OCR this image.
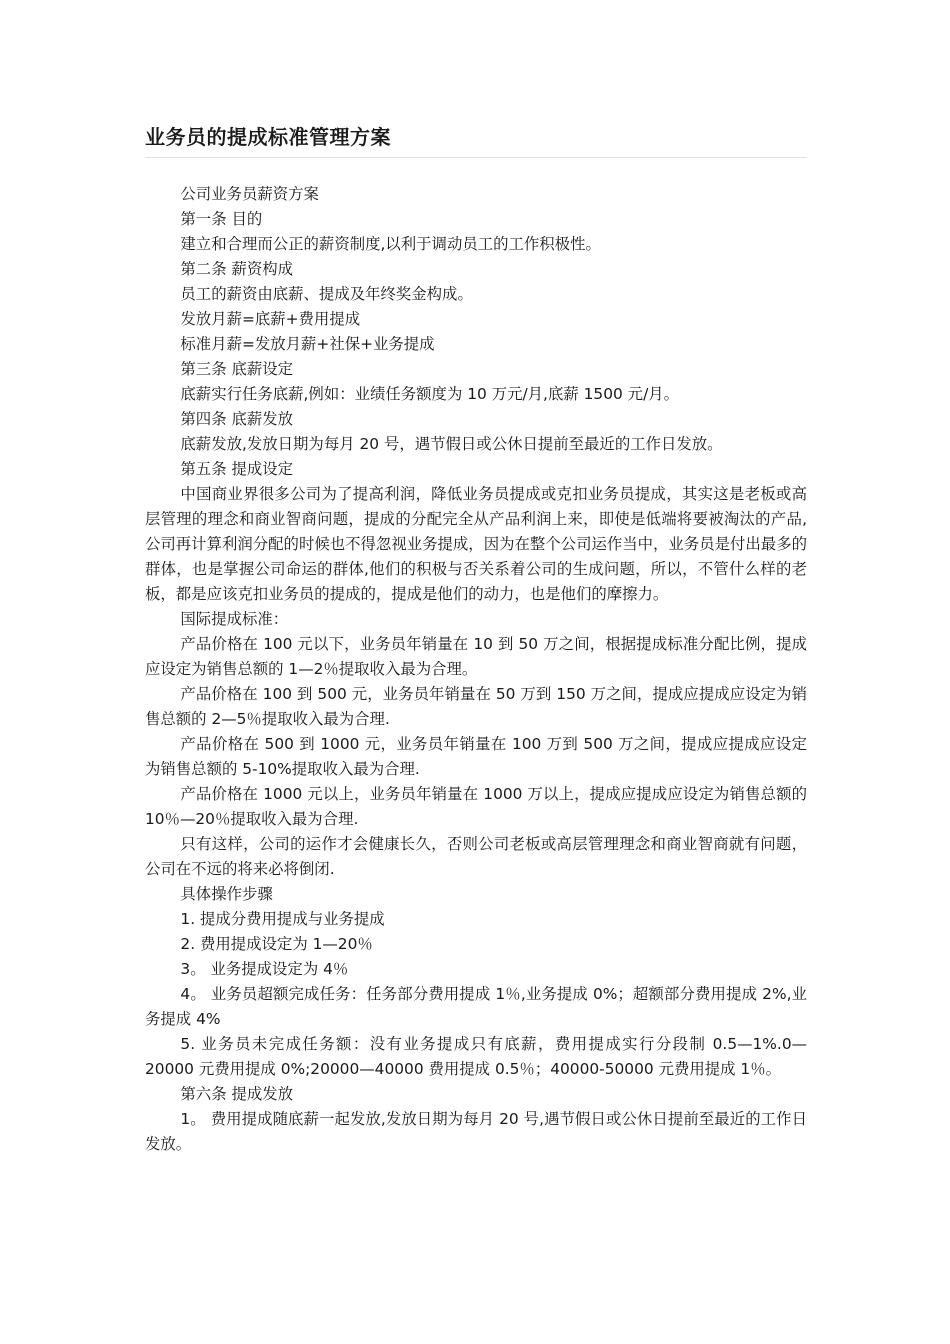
业务员的提成标准管理方案

公司业务员薪资方案

第一条 目的

建立和合理而公正的薪资制度,以利于调动员工的工作积极性。

第二条 薪资构成

员工的薪资由底薪、提成及年终奖金构成。

发放月薪=底薪+费用提成

标准月薪=发放月薪+社保+业务提成

第三条 底薪设定

底薪实行任务底薪,例如：业绩任务额度为 10 万元/月,底薪 1500 元/月。

第四条 底薪发放

底薪发放,发放日期为每月 20 号，遇节假日或公休日提前至最近的工作日发放。

第五条 提成设定

中国商业界很多公司为了提高利润，降低业务员提成或克扣业务员提成，其实这是老板或高层管理的理念和商业智商问题，提成的分配完全从产品利润上来，即使是低端将要被淘汰的产品,公司再计算利润分配的时候也不得忽视业务提成，因为在整个公司运作当中，业务员是付出最多的群体，也是掌握公司命运的群体,他们的积极与否关系着公司的生成问题，所以，不管什么样的老板，都是应该克扣业务员的提成的，提成是他们的动力，也是他们的摩擦力。

国际提成标准：

产品价格在 100 元以下，业务员年销量在 10 到 50 万之间，根据提成标准分配比例，提成应设定为销售总额的 1—2％提取收入最为合理。

产品价格在 100 到 500 元，业务员年销量在 50 万到 150 万之间，提成应提成应设定为销售总额的 2—5％提取收入最为合理.

产品价格在 500 到 1000 元，业务员年销量在 100 万到 500 万之间，提成应提成应设定为销售总额的 5-10%提取收入最为合理.

产品价格在 1000 元以上，业务员年销量在 1000 万以上，提成应提成应设定为销售总额的 10％—20％提取收入最为合理.

只有这样，公司的运作才会健康长久，否则公司老板或高层管理理念和商业智商就有问题，公司在不远的将来必将倒闭.

具体操作步骤

1. 提成分费用提成与业务提成

2. 费用提成设定为 1—20％

3。 业务提成设定为 4％

4。 业务员超额完成任务：任务部分费用提成 1％,业务提成 0%；超额部分费用提成 2%,业务提成 4%

5. 业务员未完成任务额：没有业务提成只有底薪，费用提成实行分段制 0.5—1%.0—20000 元费用提成 0%;20000—40000 费用提成 0.5％；40000-50000 元费用提成 1％。

第六条 提成发放

1。 费用提成随底薪一起发放,发放日期为每月 20 号,遇节假日或公休日提前至最近的工作日发放。
